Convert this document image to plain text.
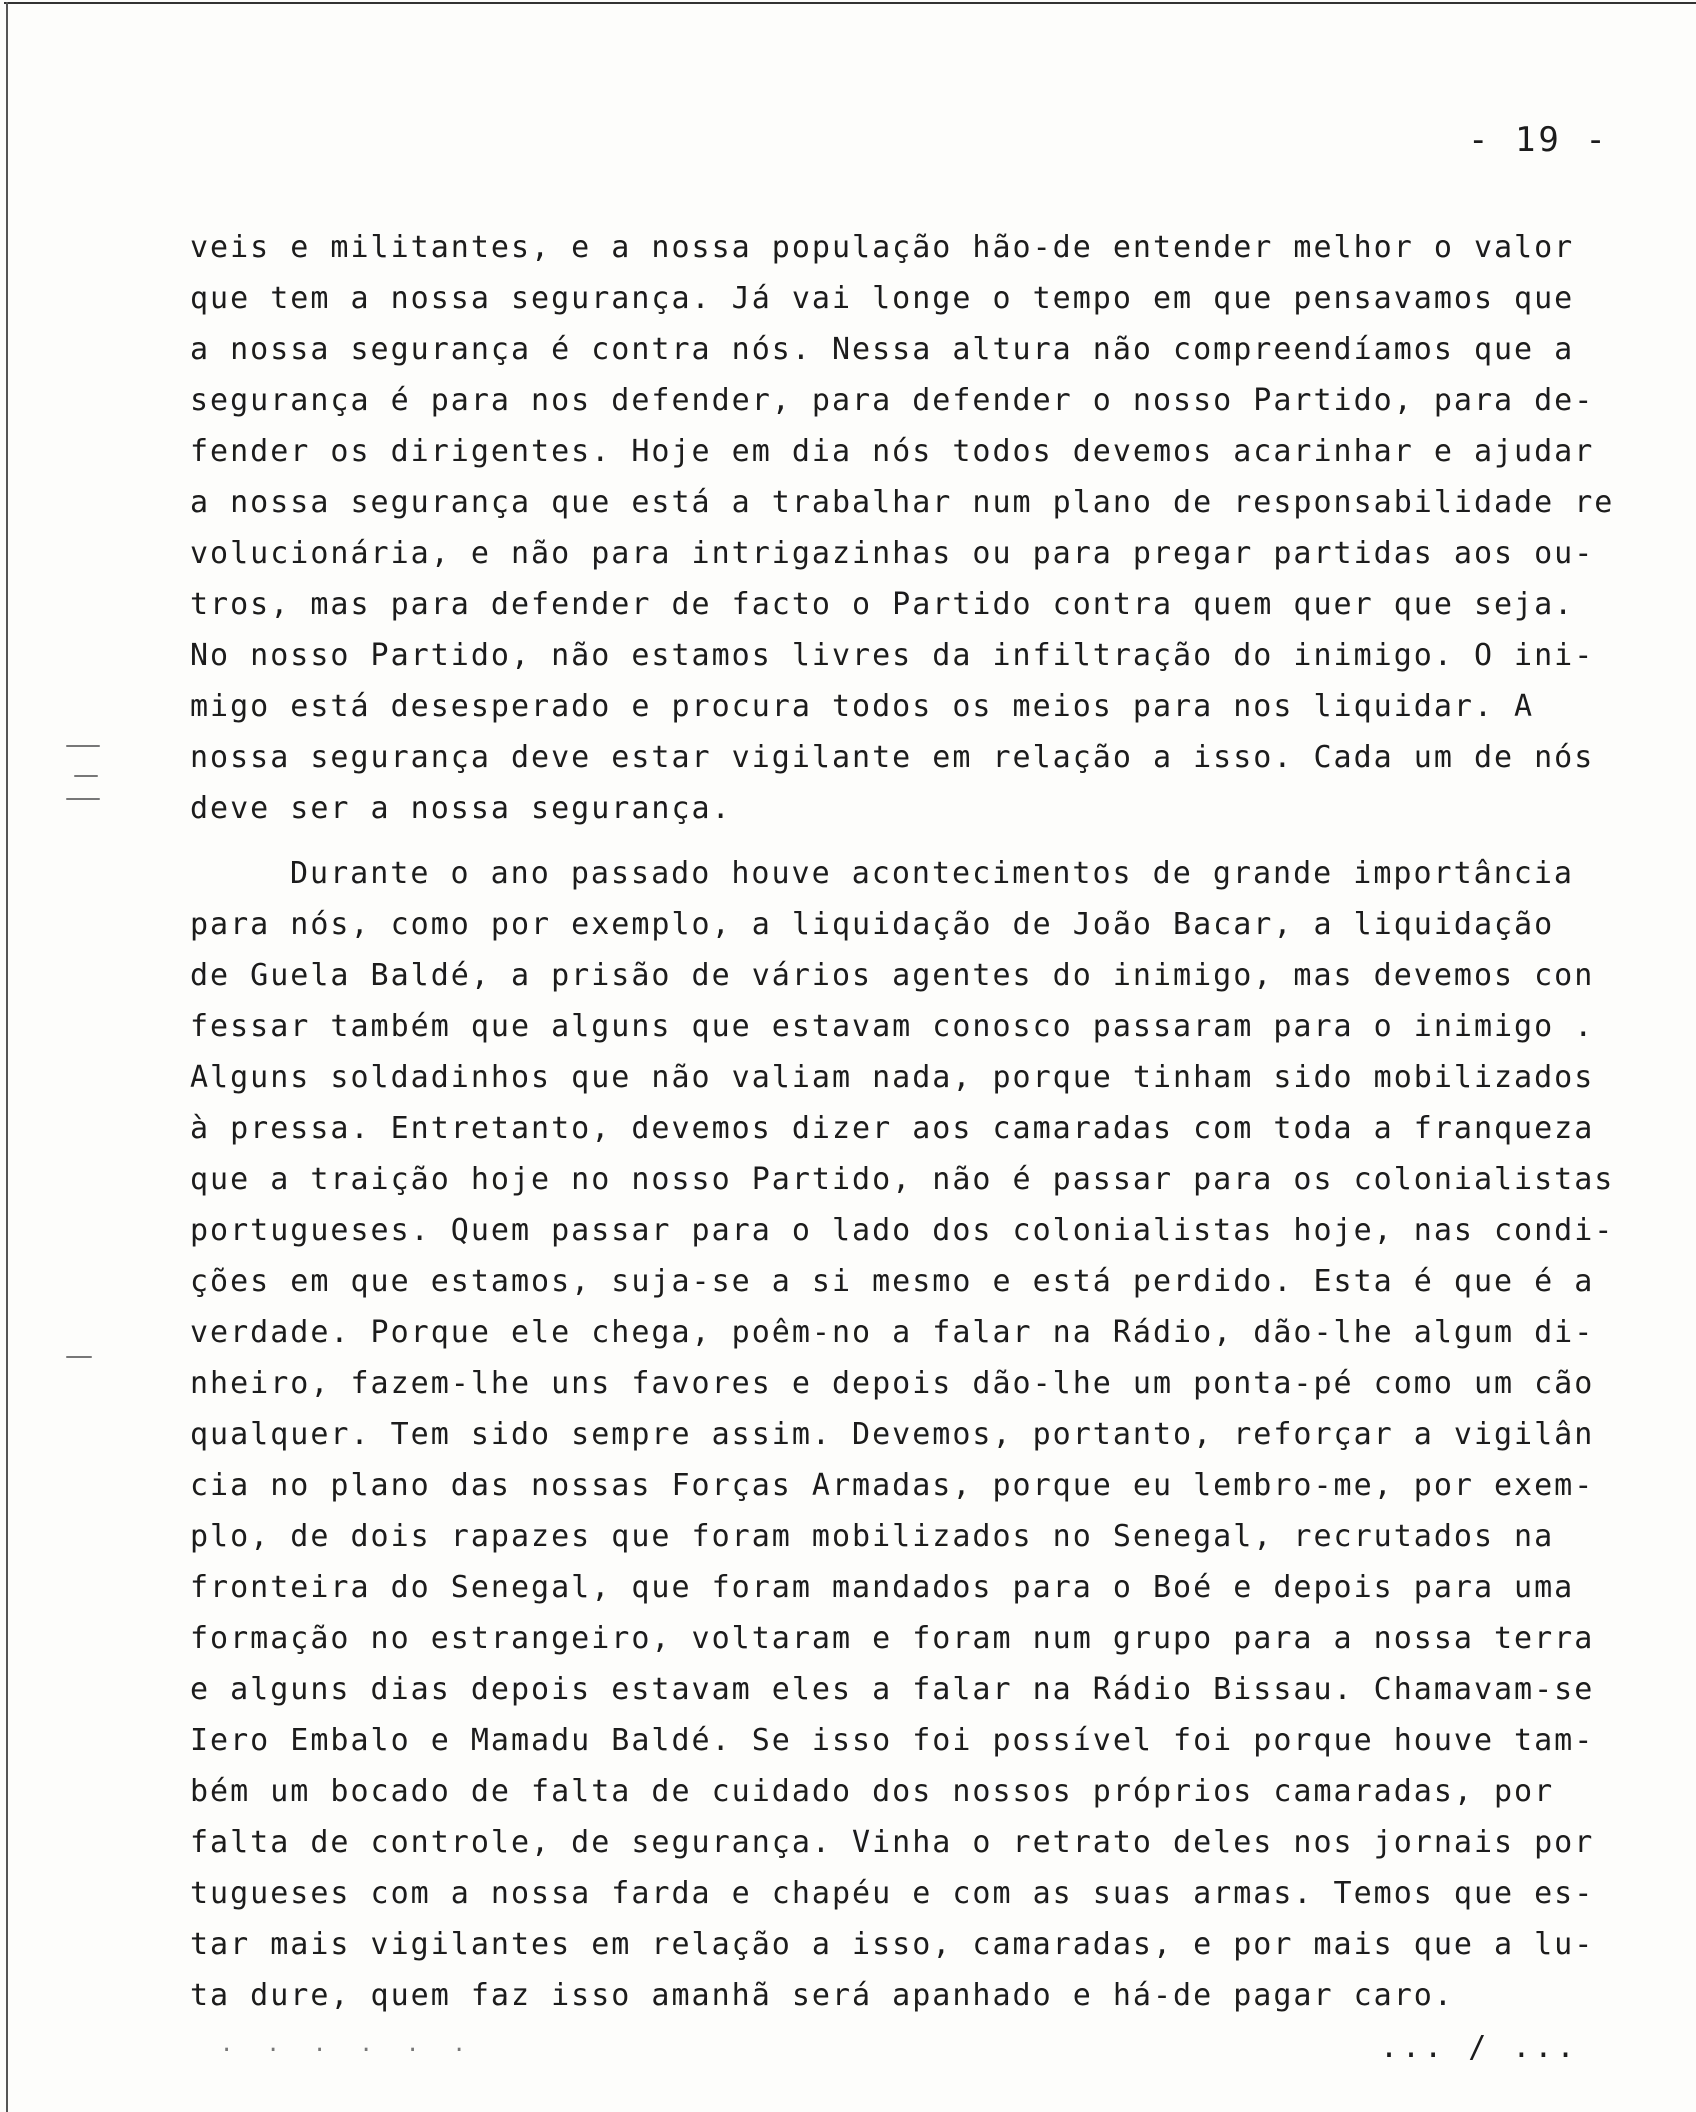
- 19 -
veis e militantes, e a nossa população hão-de entender melhor o valor
que tem a nossa segurança. Já vai longe o tempo em que pensavamos que
a nossa segurança é contra nós. Nessa altura não compreendíamos que a
segurança é para nos defender, para defender o nosso Partido, para de-
fender os dirigentes. Hoje em dia nós todos devemos acarinhar e ajudar
a nossa segurança que está a trabalhar num plano de responsabilidade re
volucionária, e não para intrigazinhas ou para pregar partidas aos ou-
tros, mas para defender de facto o Partido contra quem quer que seja.
No nosso Partido, não estamos livres da infiltração do inimigo. O ini-
migo está desesperado e procura todos os meios para nos liquidar. A
nossa segurança deve estar vigilante em relação a isso. Cada um de nós
deve ser a nossa segurança.
Durante o ano passado houve acontecimentos de grande importância
para nós, como por exemplo, a liquidação de João Bacar, a liquidação
de Guela Baldé, a prisão de vários agentes do inimigo, mas devemos con
fessar também que alguns que estavam conosco passaram para o inimigo .
Alguns soldadinhos que não valiam nada, porque tinham sido mobilizados
à pressa. Entretanto, devemos dizer aos camaradas com toda a franqueza
que a traição hoje no nosso Partido, não é passar para os colonialistas
portugueses. Quem passar para o lado dos colonialistas hoje, nas condi-
ções em que estamos, suja-se a si mesmo e está perdido. Esta é que é a
verdade. Porque ele chega, poêm-no a falar na Rádio, dão-lhe algum di-
nheiro, fazem-lhe uns favores e depois dão-lhe um ponta-pé como um cão
qualquer. Tem sido sempre assim. Devemos, portanto, reforçar a vigilân
cia no plano das nossas Forças Armadas, porque eu lembro-me, por exem-
plo, de dois rapazes que foram mobilizados no Senegal, recrutados na
fronteira do Senegal, que foram mandados para o Boé e depois para uma
formação no estrangeiro, voltaram e foram num grupo para a nossa terra
e alguns dias depois estavam eles a falar na Rádio Bissau. Chamavam-se
Iero Embalo e Mamadu Baldé. Se isso foi possível foi porque houve tam-
bém um bocado de falta de cuidado dos nossos próprios camaradas, por
falta de controle, de segurança. Vinha o retrato deles nos jornais por
tugueses com a nossa farda e chapéu e com as suas armas. Temos que es-
tar mais vigilantes em relação a isso, camaradas, e por mais que a lu-
ta dure, quem faz isso amanhã será apanhado e há-de pagar caro.
. . . . . .	... / ...
